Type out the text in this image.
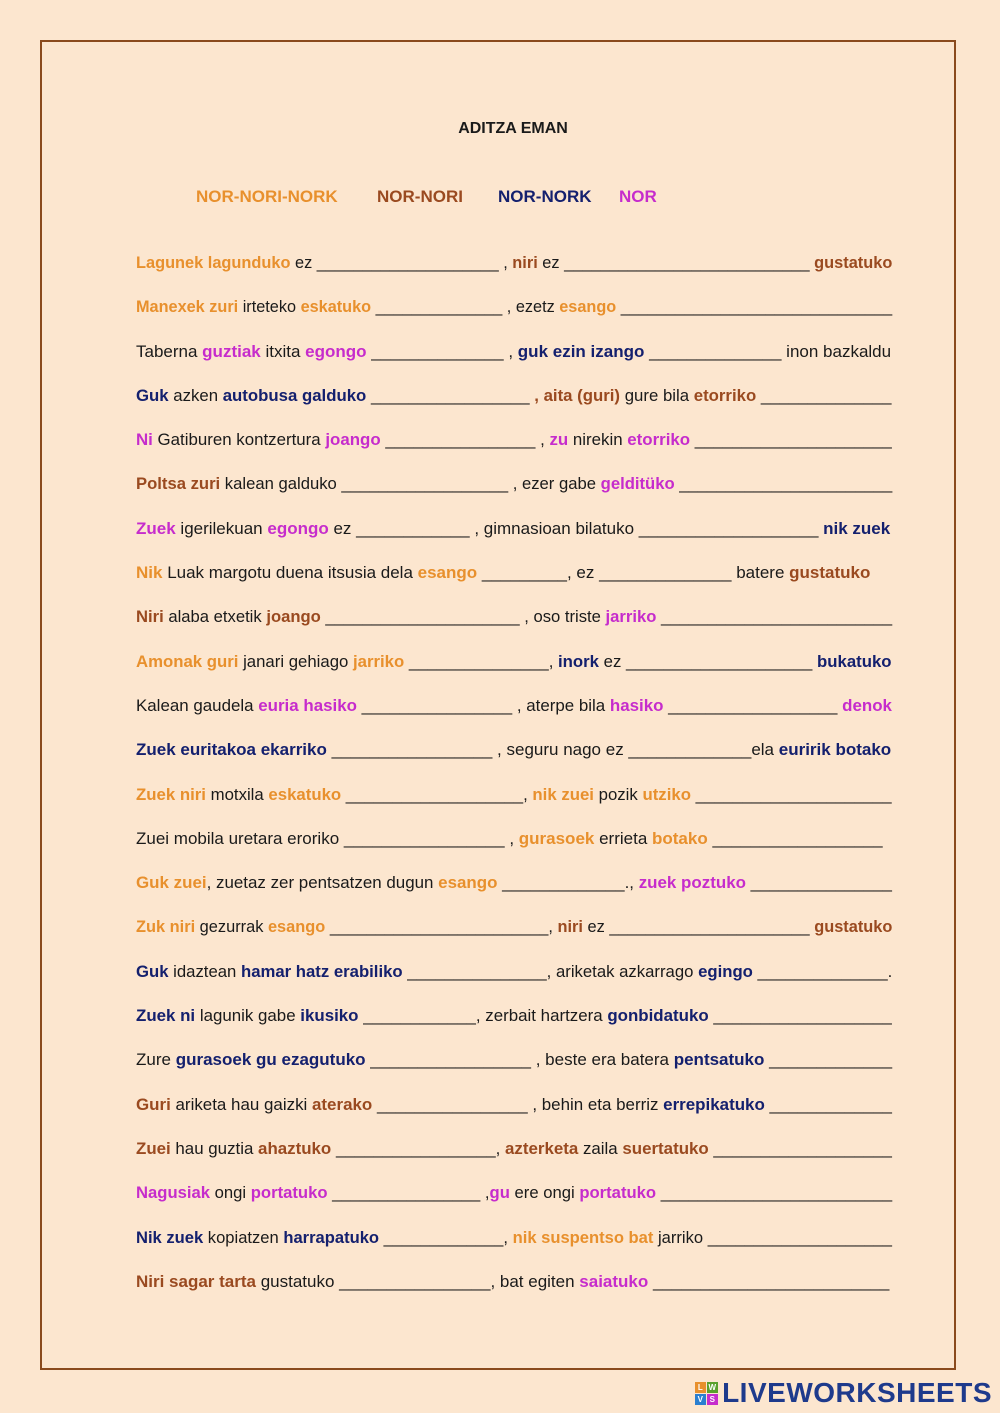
ADITZA EMAN
NOR-NORI-NORK NOR-NORI NOR-NORK NOR
Lagunek lagunduko ez ____________________ , niri ez ___________________________ gustatuko
Manexek zuri irteteko eskatuko ______________ , ezetz esango ______________________________
Taberna guztiak itxita egongo ______________ , guk ezin izango ______________ inon bazkaldu
Guk azken autobusa galduko _________________ , aita (guri) gure bila etorriko ______________
Ni Gatiburen kontzertura joango ________________ , zu nirekin etorriko _____________________
Poltsa zuri kalean galduko __________________ , ezer gabe gelditüko _______________________
Zuek igerilekuan egongo ez ____________ , gimnasioan bilatuko ___________________ nik zuek
Nik Luak margotu duena itsusia dela esango _________, ez ______________ batere gustatuko
Niri alaba etxetik joango _____________________ , oso triste jarriko _________________________
Amonak guri janari gehiago jarriko _______________, inork ez ____________________ bukatuko
Kalean gaudela euria hasiko ________________ , aterpe bila hasiko __________________ denok
Zuek euritakoa ekarriko _________________ , seguru nago ez _____________ela euririk botako
Zuek niri motxila eskatuko ___________________, nik zuei pozik utziko _____________________
Zuei mobila uretara eroriko _________________ , gurasoek errieta botako __________________
Guk zuei, zuetaz zer pentsatzen dugun esango _____________., zuek poztuko _______________
Zuk niri gezurrak esango ________________________, niri ez ______________________ gustatuko
Guk idaztean hamar hatz erabiliko _______________, ariketak azkarrago egingo ______________.
Zuek ni lagunik gabe ikusiko ____________, zerbait hartzera gonbidatuko ___________________
Zure gurasoek gu ezagutuko _________________ , beste era batera pentsatuko _____________
Guri ariketa hau gaizki aterako ________________ , behin eta berriz errepikatuko _____________
Zuei hau guztia ahaztuko _________________, azterketa zaila suertatuko ___________________
Nagusiak ongi portatuko ________________ ,gu ere ongi portatuko _________________________
Nik zuek kopiatzen harrapatuko _____________, nik suspentso bat jarriko ____________________
Niri sagar tarta gustatuko ________________, bat egiten saiatuko _________________________
L W
V S LIVEWORKSHEETS
